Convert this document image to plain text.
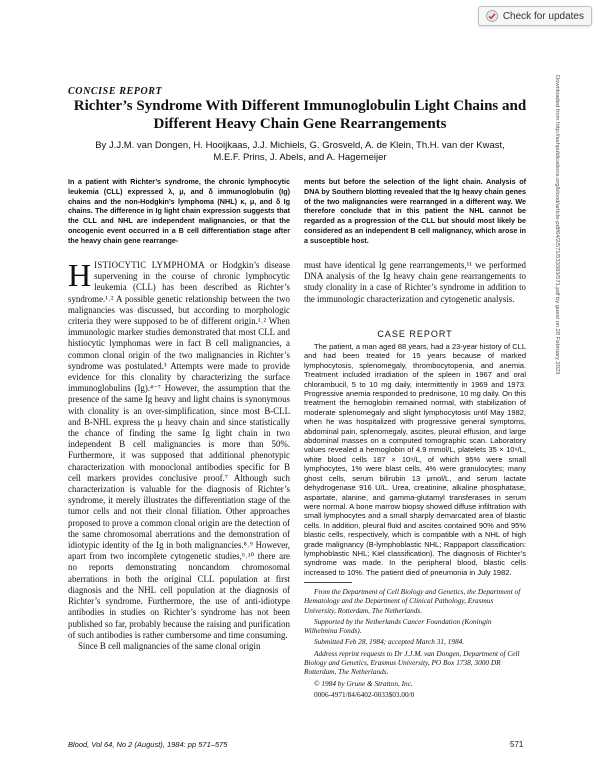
Check for updates
CONCISE REPORT
Richter’s Syndrome With Different Immunoglobulin Light Chains and
Different Heavy Chain Gene Rearrangements
By J.J.M. van Dongen, H. Hooijkaas, J.J. Michiels, G. Grosveld, A. de Klein, Th.H. van der Kwast,
M.E.F. Prins, J. Abels, and A. Hagemeijer
In a patient with Richter’s syndrome, the chronic lymphocytic leukemia (CLL) expressed λ, μ, and δ immunoglobulin (Ig) chains and the non-Hodgkin’s lymphoma (NHL) κ, μ, and δ Ig chains. The difference in Ig light chain expression suggests that the CLL and NHL are independent malignancies, or that the oncogenic event occurred in a B cell differentiation stage after the heavy chain gene rearrange-
ments but before the selection of the light chain. Analysis of DNA by Southern blotting revealed that the Ig heavy chain genes of the two malignancies were rearranged in a different way. We therefore conclude that in this patient the NHL cannot be regarded as a progression of the CLL but should most likely be considered as an independent B cell malignancy, which arose in a susceptible host.
HISTIOCYTIC LYMPHOMA or Hodgkin’s disease supervening in the course of chronic lymphocytic leukemia (CLL) has been described as Richter’s syndrome.¹˒² A possible genetic relationship between the two malignancies was discussed, but according to morphologic criteria they were supposed to be of different origin.¹˒² When immunologic marker studies demonstrated that most CLL and histiocytic lymphomas were in fact B cell malignancies, a common clonal origin of the two malignancies in Richter’s syndrome was postulated.³ Attempts were made to provide evidence for this clonality by characterizing the surface immunoglobulins (Ig).⁴⁻⁷ However, the assumption that the presence of the same Ig heavy and light chains is synonymous with clonality is an over-simplification, since most B-CLL and B-NHL express the μ heavy chain and since statistically the chance of finding the same Ig light chain in two independent B cell malignancies is more than 50%. Furthermore, it was supposed that additional phenotypic characterization with monoclonal antibodies specific for B cell markers provides conclusive proof.⁷ Although such characterization is valuable for the diagnosis of Richter’s syndrome, it merely illustrates the differentiation stage of the tumor cells and not their clonal filiation. Other approaches proposed to prove a common clonal origin are the detection of the same chromosomal aberrations and the demonstration of idiotypic identity of the Ig in both malignancies.⁸˒⁹ However, apart from two incomplete cytogenetic studies,⁶˒¹⁰ there are no reports demonstrating noncandom chromosomal aberrations in both the original CLL population at first diagnosis and the NHL cell population at the diagnosis of Richter’s syndrome. Furthermore, the use of anti-idiotype antibodies in studies on Richter’s syndrome has not been published so far, probably because the raising and purification of such antibodies is rather cumbersome and time consuming.
Since B cell malignancies of the same clonal origin
must have identical Ig gene rearrangements,¹¹ we performed DNA analysis of the Ig heavy chain gene rearrangements to study clonality in a case of Richter’s syndrome in addition to the immunologic characterization and cytogenetic analysis.
CASE REPORT
The patient, a man aged 88 years, had a 23-year history of CLL and had been treated for 15 years because of marked lymphocytosis, splenomegaly, thrombocytopenia, and anemia. Treatment included irradiation of the spleen in 1967 and oral chlorambucil, 5 to 10 mg daily, intermittently in 1969 and 1973. Progressive anemia responded to prednisone, 10 mg daily. On this treatment the hemoglobin remained normal, with stabilization of moderate splenomegaly and slight lymphocytosis until May 1982, when he was hospitalized with progressive general symptoms, abdominal pain, splenomegaly, ascites, pleural effusion, and large abdominal masses on a computed tomographic scan. Laboratory values revealed a hemoglobin of 4.9 mmol/L, platelets 35 × 10⁹/L, white blood cells 187 × 10⁹/L, of which 95% were small lymphocytes, 1% were blast cells, 4% were granulocytes; many ghost cells, serum bilirubin 13 μmol/L, and serum lactate dehydrogenase 916 U/L. Urea, creatinine, alkaline phosphatase, aspartate, alanine, and gamma-glutamyl transferases in serum were normal. A bone marrow biopsy showed diffuse infiltration with small lymphocytes and a small sharply demarcated area of blastic cells. In addition, pleural fluid and ascites contained 90% and 95% blastic cells, respectively, which is compatible with a NHL of high grade malignancy (B-lymphoblastic NHL; Rappaport classification: lymphoblastic NHL; Kiel classification). The diagnosis of Richter’s syndrome was made. In the peripheral blood, blastic cells increased to 10%. The patient died of pneumonia in July 1982.

From the Department of Cell Biology and Genetics, the Department of Hematology and the Department of Clinical Pathology, Erasmus University, Rotterdam, The Netherlands.

Supported by the Netherlands Cancer Foundation (Koningin Wilhelmina Fonds).

Submitted Feb 28, 1984; accepted March 31, 1984.

Address reprint requests to Dr J.J.M. van Dongen, Department of Cell Biology and Genetics, Erasmus University, PO Box 1738, 3000 DR Rotterdam, The Netherlands.

© 1984 by Grune & Stratton, Inc.

0006-4971/84/6402-0033$03.00/0

Downloaded from http://ashpublications.org/blood/article-pdf/64/2/571/533383/571.pdf by guest on 28 February 2023
Blood, Vol 64, No 2 (August), 1984: pp 571–575	571
